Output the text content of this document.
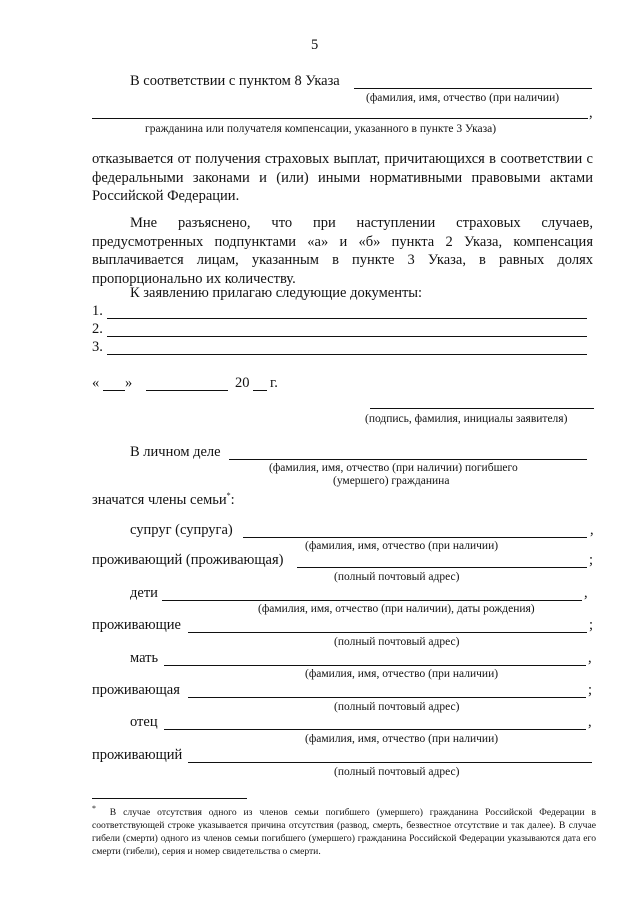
5
В соответствии с пунктом 8 Указа
(фамилия, имя, отчество (при наличии)
,
гражданина или получателя компенсации, указанного в пункте 3 Указа)
отказывается от получения страховых выплат, причитающихся в соответствии с федеральными законами и (или) иными нормативными правовыми актами Российской Федерации.
Мне разъяснено, что при наступлении страховых случаев, предусмотренных подпунктами «а» и «б» пункта 2 Указа, компенсация выплачивается лицам, указанным в пункте 3 Указа, в равных долях пропорционально их количеству.
К заявлению прилагаю следующие документы:
1.
2.
3.
« »	20 г.
(подпись, фамилия, инициалы заявителя)
В личном деле
(фамилия, имя, отчество (при наличии) погибшего
(умершего) гражданина
значатся члены семьи*:
супруг (супруга)	,
(фамилия, имя, отчество (при наличии)
проживающий (проживающая)	;
(полный почтовый адрес)
дети	,
(фамилия, имя, отчество (при наличии), даты рождения)
проживающие	;
(полный почтовый адрес)
мать	,
(фамилия, имя, отчество (при наличии)
проживающая	;
(полный почтовый адрес)
отец	,
(фамилия, имя, отчество (при наличии)
проживающий
(полный почтовый адрес)
* В случае отсутствия одного из членов семьи погибшего (умершего) гражданина Российской Федерации в соответствующей строке указывается причина отсутствия (развод, смерть, безвестное отсутствие и так далее). В случае гибели (смерти) одного из членов семьи погибшего (умершего) гражданина Российской Федерации указываются дата его смерти (гибели), серия и номер свидетельства о смерти.
